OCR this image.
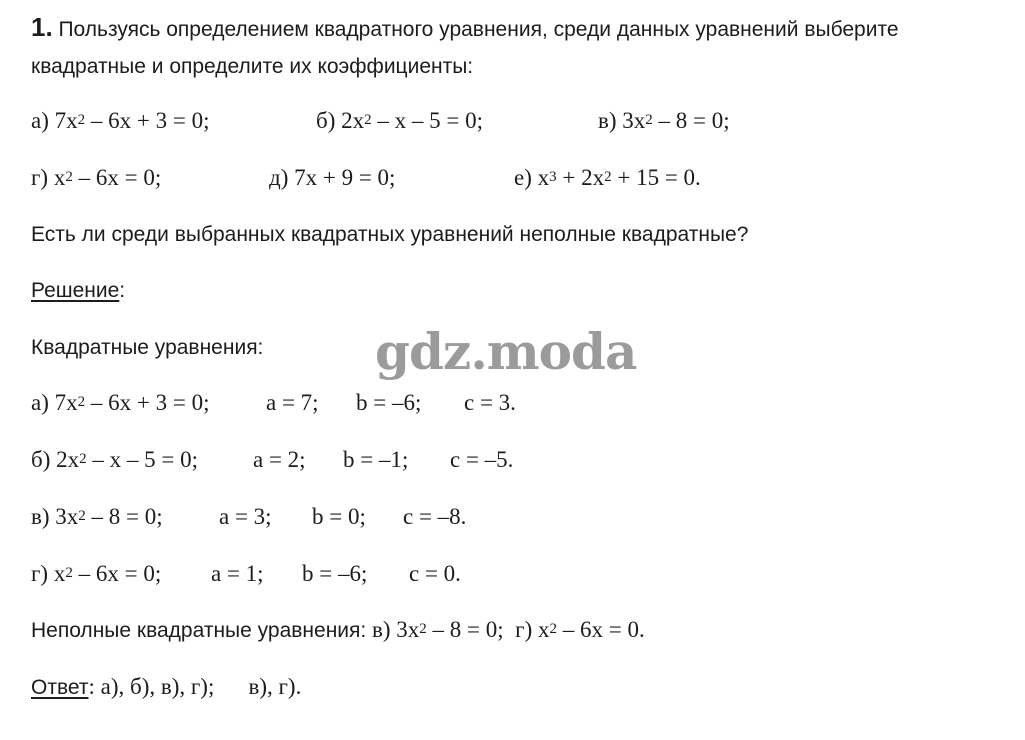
1. Пользуясь определением квадратного уравнения, среди данных уравнений выберите
квадратные и определите их коэффициенты:
а) $7x^2 - 6x + 3 = 0$;	б) $2x^2 - x - 5 = 0$;	в) $3x^2 - 8 = 0$;
г) $x^2 - 6x = 0$;	д) 7x + 9 = 0;	е) $x^3 + 2x^2 + 15 = 0$.
Есть ли среди выбранных квадратных уравнений неполные квадратные?
Решение:
Квадратные уравнения: gdz.moda
а) $7x^2 - 6x + 3 = 0$; a = 7; b = –6; c = 3.
б) $2x^2 - x - 5 = 0$; a = 2; b = –1; c = –5.
в) $3x^2 - 8 = 0$; a = 3; b = 0; c = –8.
г) $x^2 - 6x = 0$; a = 1; b = –6; c = 0.
Неполные квадратные уравнения: в) $3x^2 - 8 = 0$; г) $x^2 - 6x = 0$.
Ответ: а), б), в), г); в), г).
